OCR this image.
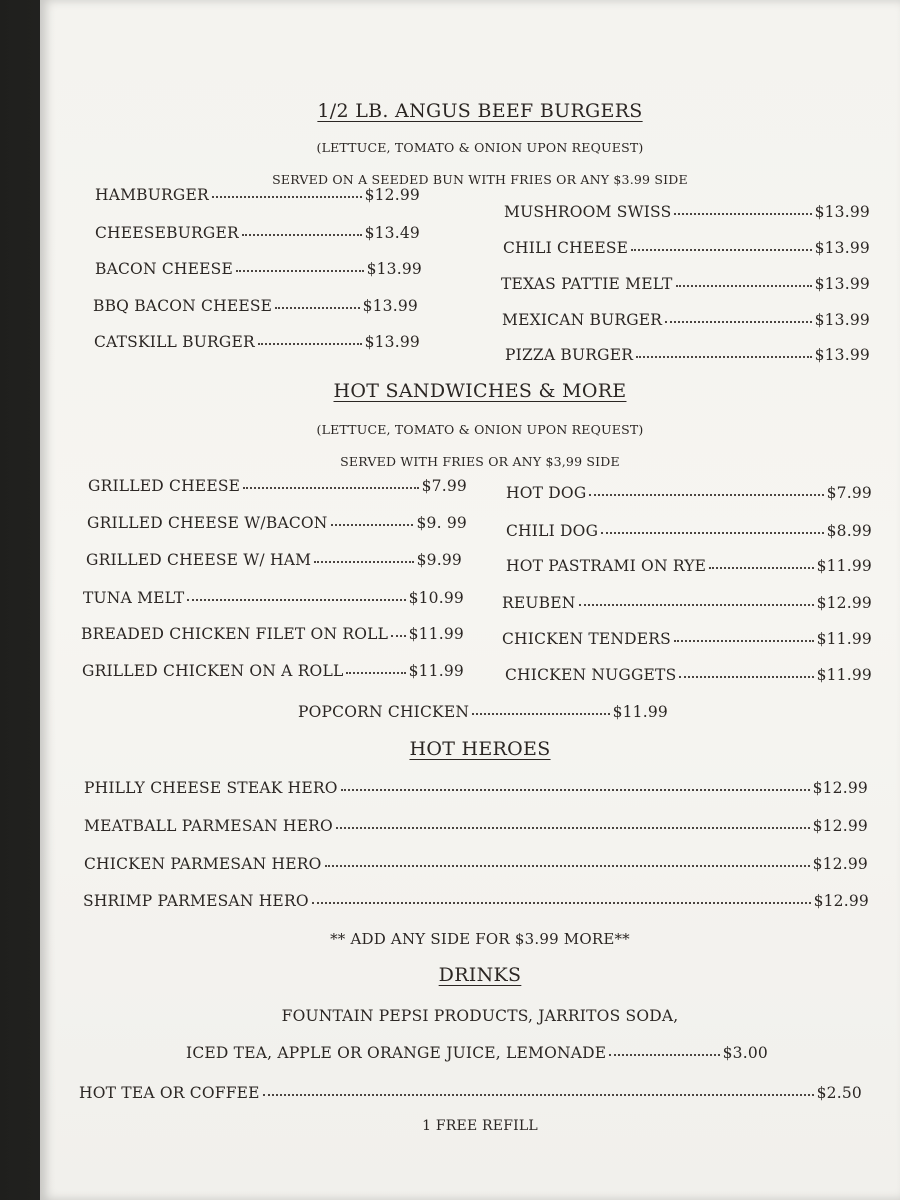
1/2 LB. ANGUS BEEF BURGERS
(LETTUCE, TOMATO & ONION UPON REQUEST)
SERVED ON A SEEDED BUN WITH FRIES OR ANY $3.99 SIDE
HAMBURGER	$12.99
CHEESEBURGER	$13.49
BACON CHEESE	$13.99
BBQ BACON CHEESE	$13.99
CATSKILL BURGER	$13.99
MUSHROOM SWISS	$13.99
CHILI CHEESE	$13.99
TEXAS PATTIE MELT	$13.99
MEXICAN BURGER	$13.99
PIZZA BURGER	$13.99
HOT SANDWICHES & MORE
(LETTUCE, TOMATO & ONION UPON REQUEST)
SERVED WITH FRIES OR ANY $3,99 SIDE
GRILLED CHEESE	$7.99
GRILLED CHEESE W/BACON	$9. 99
GRILLED CHEESE W/ HAM	$9.99
TUNA MELT	$10.99
BREADED CHICKEN FILET ON ROLL $11.99
GRILLED CHICKEN ON A ROLL	$11.99
HOT DOG	$7.99
CHILI DOG	$8.99
HOT PASTRAMI ON RYE	$11.99
REUBEN	$12.99
CHICKEN TENDERS	$11.99
CHICKEN NUGGETS	$11.99
POPCORN CHICKEN	$11.99
HOT HEROES
PHILLY CHEESE STEAK HERO	$12.99
MEATBALL PARMESAN HERO	$12.99
CHICKEN PARMESAN HERO	$12.99
SHRIMP PARMESAN HERO	$12.99
** ADD ANY SIDE FOR $3.99 MORE**
DRINKS
FOUNTAIN PEPSI PRODUCTS, JARRITOS SODA,
ICED TEA, APPLE OR ORANGE JUICE, LEMONADE	$3.00
HOT TEA OR COFFEE	$2.50
1 FREE REFILL
